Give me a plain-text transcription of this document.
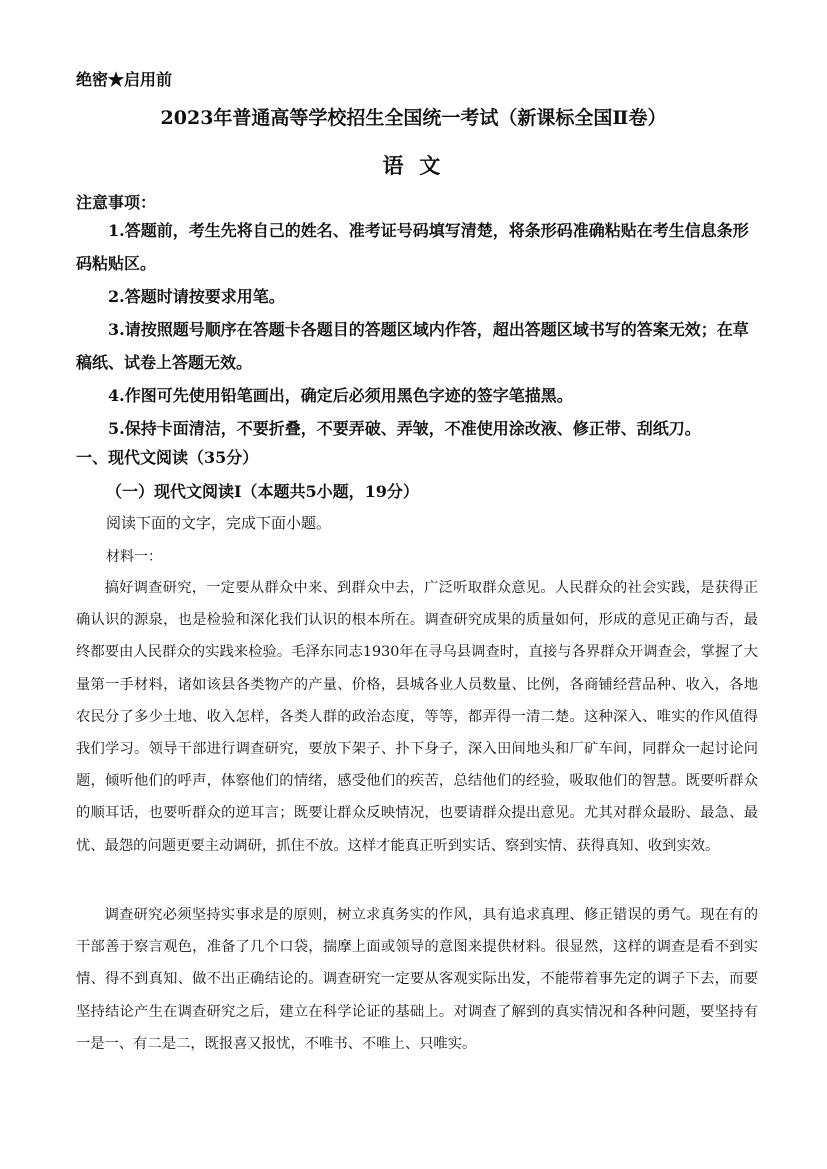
绝密★启用前
2023年普通高等学校招生全国统一考试（新课标全国Ⅱ卷）
语 文
注意事项：

1.答题前，考生先将自己的姓名、准考证号码填写清楚，将条形码准确粘贴在考生信息条形码粘贴区。

2.答题时请按要求用笔。

3.请按照题号顺序在答题卡各题目的答题区域内作答，超出答题区域书写的答案无效；在草稿纸、试卷上答题无效。

4.作图可先使用铅笔画出，确定后必须用黑色字迹的签字笔描黑。

5.保持卡面清洁，不要折叠，不要弄破、弄皱，不准使用涂改液、修正带、刮纸刀。

一、现代文阅读（35分）
（一）现代文阅读Ⅰ（本题共5小题，19分）
阅读下面的文字，完成下面小题。
材料一：

搞好调查研究，一定要从群众中来、到群众中去，广泛听取群众意见。人民群众的社会实践，是获得正确认识的源泉，也是检验和深化我们认识的根本所在。调查研究成果的质量如何，形成的意见正确与否，最终都要由人民群众的实践来检验。毛泽东同志1930年在寻乌县调查时，直接与各界群众开调查会，掌握了大量第一手材料，诸如该县各类物产的产量、价格，县城各业人员数量、比例，各商铺经营品种、收入，各地农民分了多少土地、收入怎样，各类人群的政治态度，等等，都弄得一清二楚。这种深入、唯实的作风值得我们学习。领导干部进行调查研究，要放下架子、扑下身子，深入田间地头和厂矿车间，同群众一起讨论问题，倾听他们的呼声，体察他们的情绪，感受他们的疾苦，总结他们的经验，吸取他们的智慧。既要听群众的顺耳话，也要听群众的逆耳言；既要让群众反映情况，也要请群众提出意见。尤其对群众最盼、最急、最忧、最怨的问题更要主动调研，抓住不放。这样才能真正听到实话、察到实情、获得真知、收到实效。

调查研究必须坚持实事求是的原则，树立求真务实的作风，具有追求真理、修正错误的勇气。现在有的干部善于察言观色，准备了几个口袋，揣摩上面或领导的意图来提供材料。很显然，这样的调查是看不到实情、得不到真知、做不出正确结论的。调查研究一定要从客观实际出发，不能带着事先定的调子下去，而要坚持结论产生在调查研究之后，建立在科学论证的基础上。对调查了解到的真实情况和各种问题，要坚持有一是一、有二是二，既报喜又报忧，不唯书、不唯上、只唯实。
